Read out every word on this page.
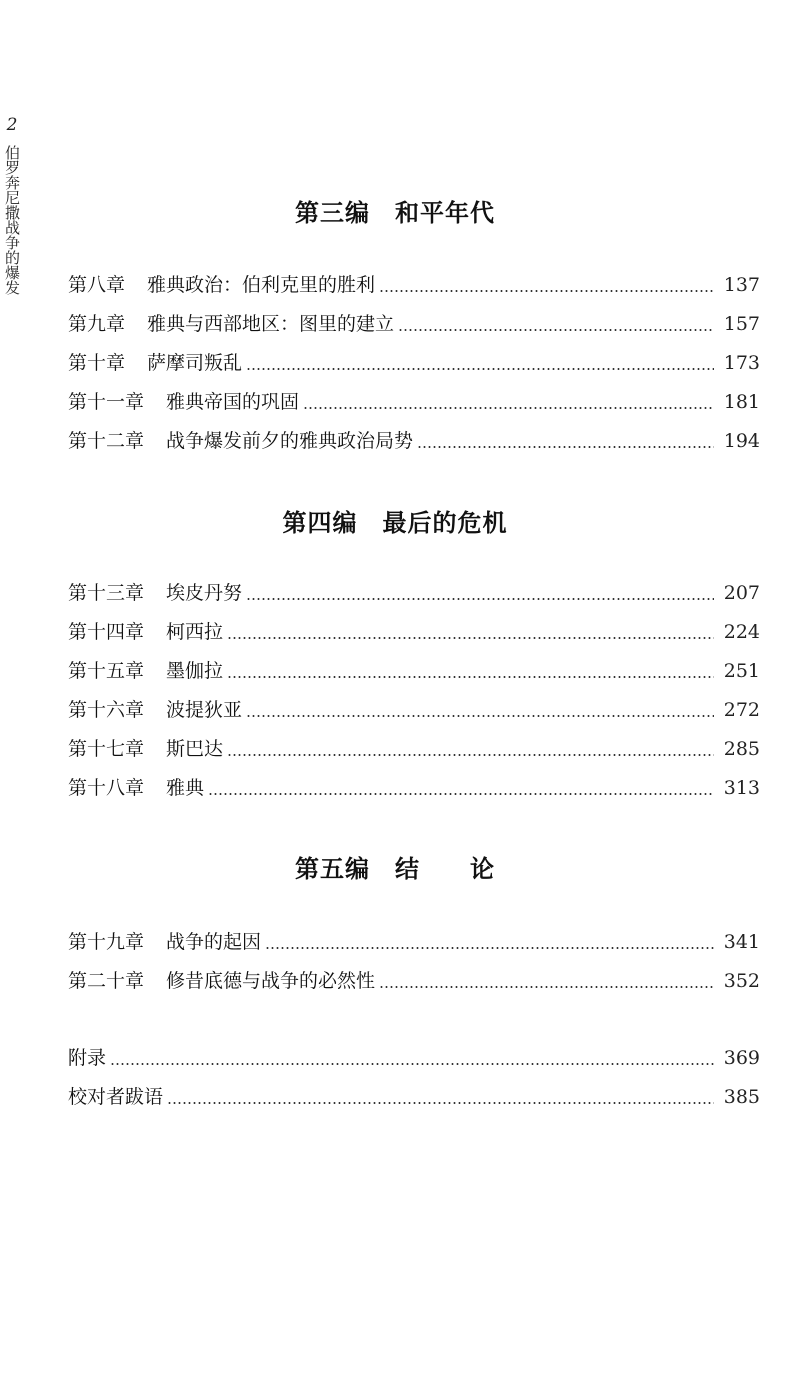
2
伯罗奔尼撒战争的爆发	第三编　和平年代
第八章 雅典政治：伯利克里的胜利	137
第九章 雅典与西部地区：图里的建立	157
第十章 萨摩司叛乱	173
第十一章 雅典帝国的巩固	181
第十二章 战争爆发前夕的雅典政治局势	194
第四编　最后的危机
第十三章 埃皮丹努	207
第十四章 柯西拉	224
第十五章 墨伽拉	251
第十六章 波提狄亚	272
第十七章 斯巴达	285
第十八章 雅典	313
第五编　结　　论
第十九章 战争的起因	341
第二十章 修昔底德与战争的必然性	352
附录	369
校对者跋语	385
